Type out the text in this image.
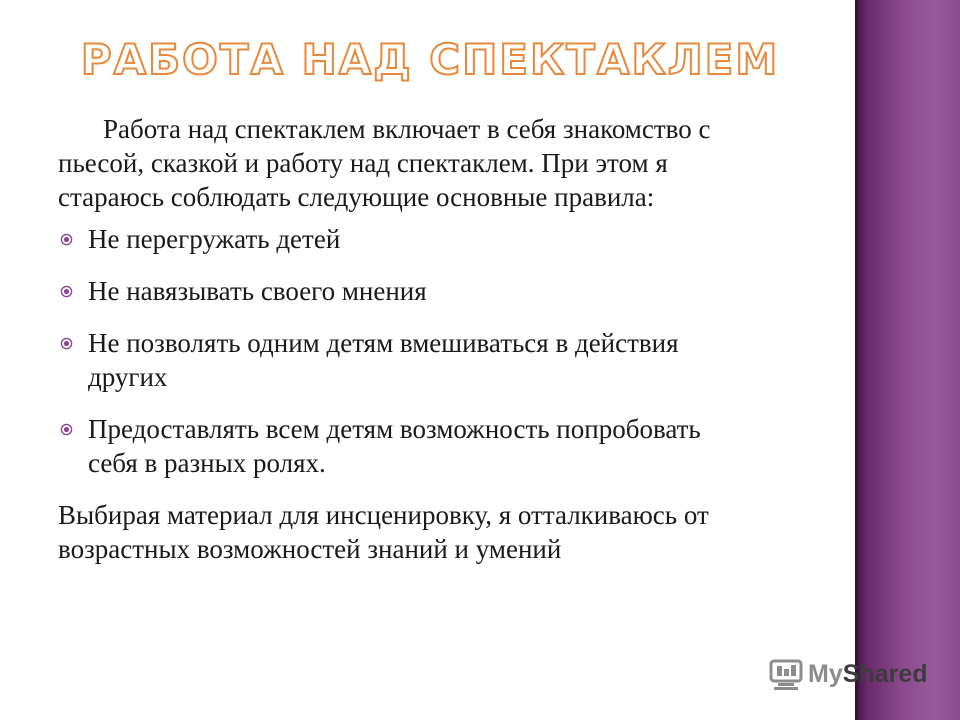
РАБОТА НАД СПЕКТАКЛЕМ

Работа над спектаклем включает в себя знакомство с пьесой, сказкой и работу над спектаклем. При этом я стараюсь соблюдать следующие основные правила:

Не перегружать детей
Не навязывать своего мнения
Не позволять одним детям вмешиваться в действия других
Предоставлять всем детям возможность попробовать себя в разных ролях.

Выбирая материал для инсценировку, я отталкиваюсь от возрастных возможностей знаний и умений

MyShared
